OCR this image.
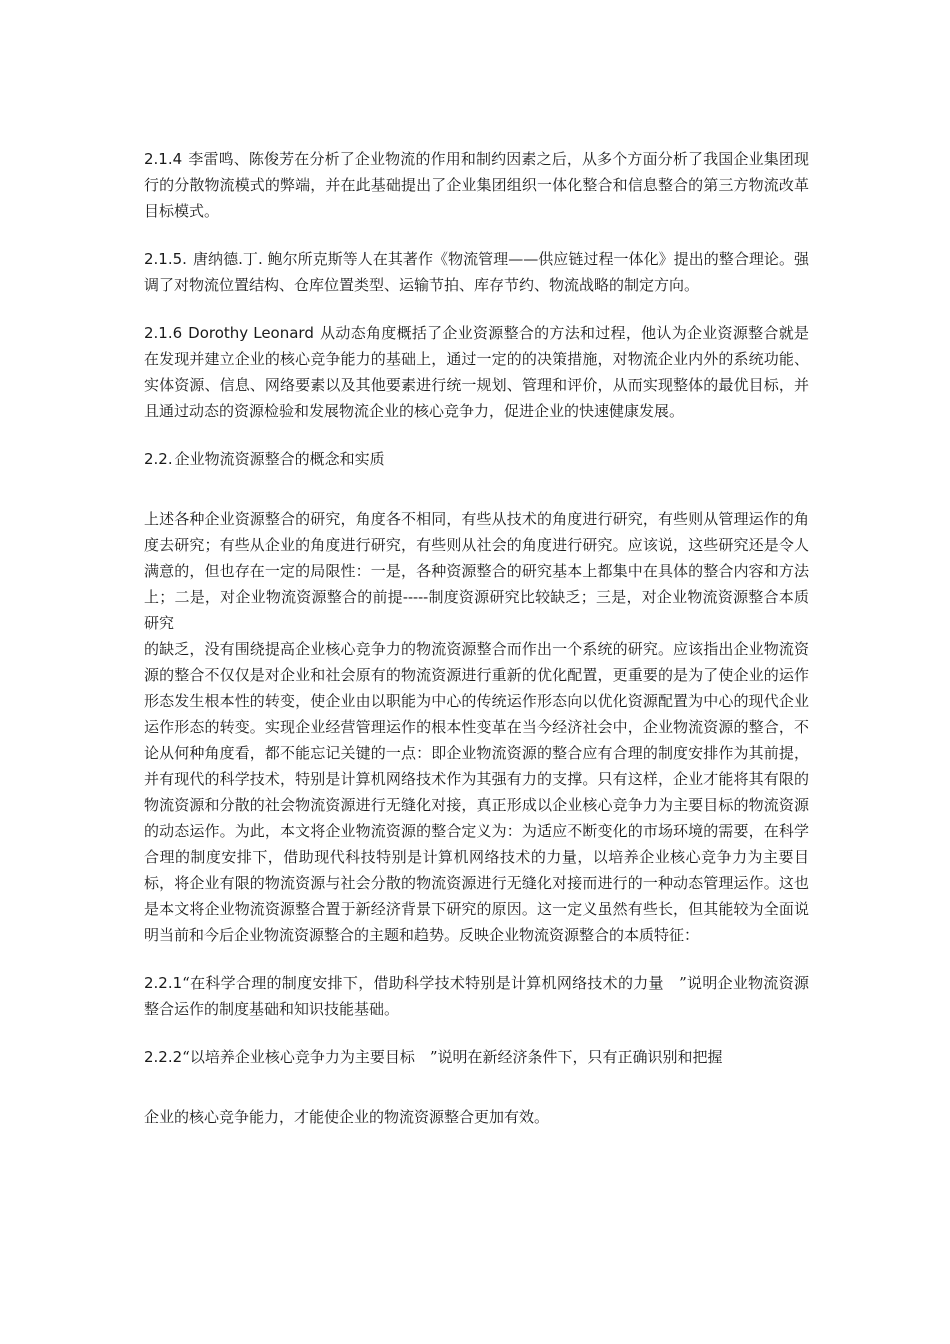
2.1.4 李雷鸣、陈俊芳在分析了企业物流的作用和制约因素之后，从多个方面分析了我国企业集团现行的分散物流模式的弊端，并在此基础提出了企业集团组织一体化整合和信息整合的第三方物流改革目标模式。

2.1.5. 唐纳德.丁. 鲍尔所克斯等人在其著作《物流管理——供应链过程一体化》提出的整合理论。强调了对物流位置结构、仓库位置类型、运输节拍、库存节约、物流战略的制定方向。

2.1.6 Dorothy Leonard 从动态角度概括了企业资源整合的方法和过程，他认为企业资源整合就是在发现并建立企业的核心竞争能力的基础上，通过一定的的决策措施，对物流企业内外的系统功能、实体资源、信息、网络要素以及其他要素进行统一规划、管理和评价，从而实现整体的最优目标，并且通过动态的资源检验和发展物流企业的核心竞争力，促进企业的快速健康发展。

2.2. 企业物流资源整合的概念和实质

上述各种企业资源整合的研究，角度各不相同，有些从技术的角度进行研究，有些则从管理运作的角度去研究；有些从企业的角度进行研究，有些则从社会的角度进行研究。应该说，这些研究还是令人满意的，但也存在一定的局限性：一是，各种资源整合的研究基本上都集中在具体的整合内容和方法上；二是，对企业物流资源整合的前提-----制度资源研究比较缺乏；三是，对企业物流资源整合本质研究

的缺乏，没有围绕提高企业核心竞争力的物流资源整合而作出一个系统的研究。应该指出企业物流资源的整合不仅仅是对企业和社会原有的物流资源进行重新的优化配置，更重要的是为了使企业的运作形态发生根本性的转变，使企业由以职能为中心的传统运作形态向以优化资源配置为中心的现代企业运作形态的转变。实现企业经营管理运作的根本性变革在当今经济社会中，企业物流资源的整合，不论从何种角度看，都不能忘记关键的一点：即企业物流资源的整合应有合理的制度安排作为其前提，并有现代的科学技术，特别是计算机网络技术作为其强有力的支撑。只有这样，企业才能将其有限的物流资源和分散的社会物流资源进行无缝化对接，真正形成以企业核心竞争力为主要目标的物流资源的动态运作。为此，本文将企业物流资源的整合定义为：为适应不断变化的市场环境的需要，在科学合理的制度安排下，借助现代科技特别是计算机网络技术的力量，以培养企业核心竞争力为主要目标，将企业有限的物流资源与社会分散的物流资源进行无缝化对接而进行的一种动态管理运作。这也是本文将企业物流资源整合置于新经济背景下研究的原因。这一定义虽然有些长，但其能较为全面说明当前和今后企业物流资源整合的主题和趋势。反映企业物流资源整合的本质特征：

2.2.1“在科学合理的制度安排下，借助科学技术特别是计算机网络技术的力量　”说明企业物流资源整合运作的制度基础和知识技能基础。

2.2.2“以培养企业核心竞争力为主要目标　”说明在新经济条件下，只有正确识别和把握

企业的核心竞争能力，才能使企业的物流资源整合更加有效。
